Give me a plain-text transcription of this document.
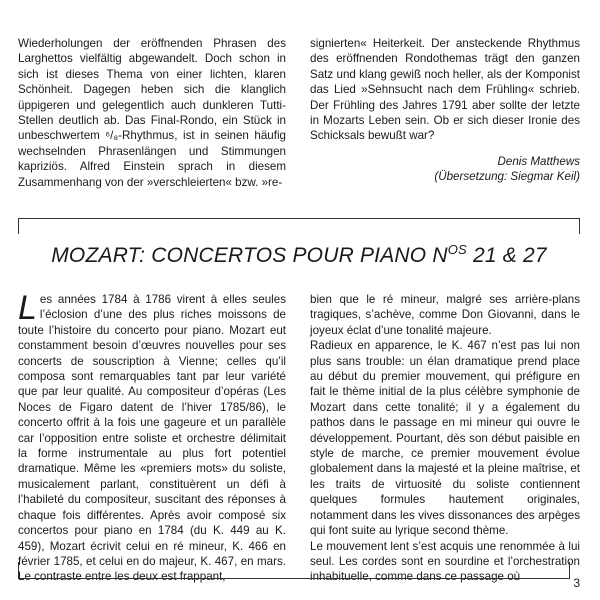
Wiederholungen der eröffnenden Phrasen des Larghettos vielfältig abgewandelt. Doch schon in sich ist dieses Thema von einer lichten, klaren Schönheit. Dagegen heben sich die klanglich üppigeren und gelegentlich auch dunkleren Tutti-Stellen deutlich ab. Das Final-Rondo, ein Stück in unbeschwertem ⁶/₈-Rhythmus, ist in seinen häufig wechselnden Phrasenlängen und Stimmungen kapriziös. Alfred Einstein sprach in diesem Zusammenhang von der »verschleierten« bzw. »re-

signierten« Heiterkeit. Der ansteckende Rhythmus des eröffnenden Rondothemas trägt den ganzen Satz und klang gewiß noch heller, als der Komponist das Lied »Sehnsucht nach dem Frühling« schrieb. Der Frühling des Jahres 1791 aber sollte der letzte in Mozarts Leben sein. Ob er sich dieser Ironie des Schicksals bewußt war?

Denis Matthews

(Übersetzung: Siegmar Keil)

MOZART: CONCERTOS POUR PIANO $N^{OS}$ 21 & 27

Les années 1784 à 1786 virent à elles seules l’éclosion d’une des plus riches moissons de toute l’histoire du concerto pour piano. Mozart eut constamment besoin d’œuvres nouvelles pour ses concerts de souscription à Vienne; celles qu’il composa sont remarquables tant par leur variété que par leur qualité. Au compositeur d’opéras (Les Noces de Figaro datent de l’hiver 1785/86), le concerto offrit à la fois une gageure et un parallèle car l’opposition entre soliste et orchestre délimitait la forme instrumentale au plus fort potentiel dramatique. Même les «premiers mots» du soliste, musicalement parlant, constituèrent un défi à l’habileté du compositeur, suscitant des réponses à chaque fois différentes. Après avoir composé six concertos pour piano en 1784 (du K. 449 au K. 459), Mozart écrivit celui en ré mineur, K. 466 en février 1785, et celui en do majeur, K. 467, en mars. Le contraste entre les deux est frappant,

bien que le ré mineur, malgré ses arrière-plans tragiques, s’achève, comme Don Giovanni, dans le joyeux éclat d’une tonalité majeure.

Radieux en apparence, le K. 467 n’est pas lui non plus sans trouble: un élan dramatique prend place au début du premier mouvement, qui préfigure en fait le thème initial de la plus célèbre symphonie de Mozart dans cette tonalité; il y a également du pathos dans le passage en mi mineur qui ouvre le développement. Pourtant, dès son début paisible en style de marche, ce premier mouvement évolue globalement dans la majesté et la pleine maîtrise, et les traits de virtuosité du soliste contiennent quelques formules hautement originales, notamment dans les vives dissonances des arpèges qui font suite au lyrique second thème.

Le mouvement lent s’est acquis une renommée à lui seul. Les cordes sont en sourdine et l’orchestration inhabituelle, comme dans ce passage où	3
